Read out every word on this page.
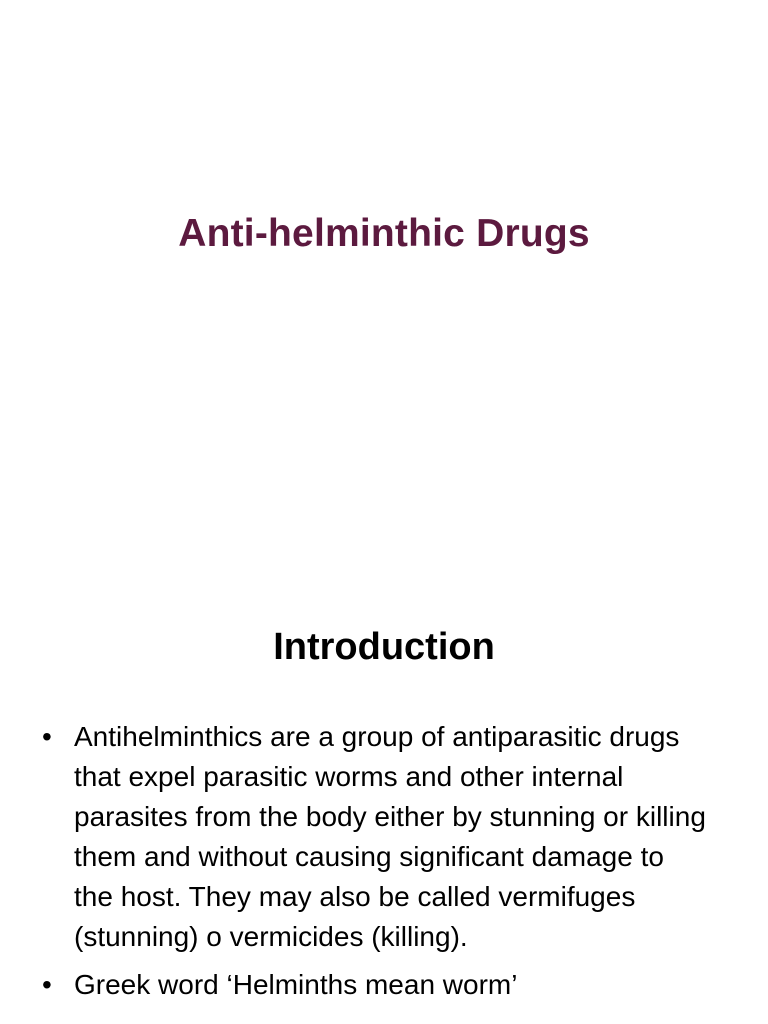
Anti-helminthic Drugs
Introduction
• Antihelminthics are a group of antiparasitic drugs that expel parasitic worms and other internal parasites from the body either by stunning or killing them and without causing significant damage to the host. They may also be called vermifuges (stunning) o vermicides (killing).
• Greek word ‘Helminths mean worm’
